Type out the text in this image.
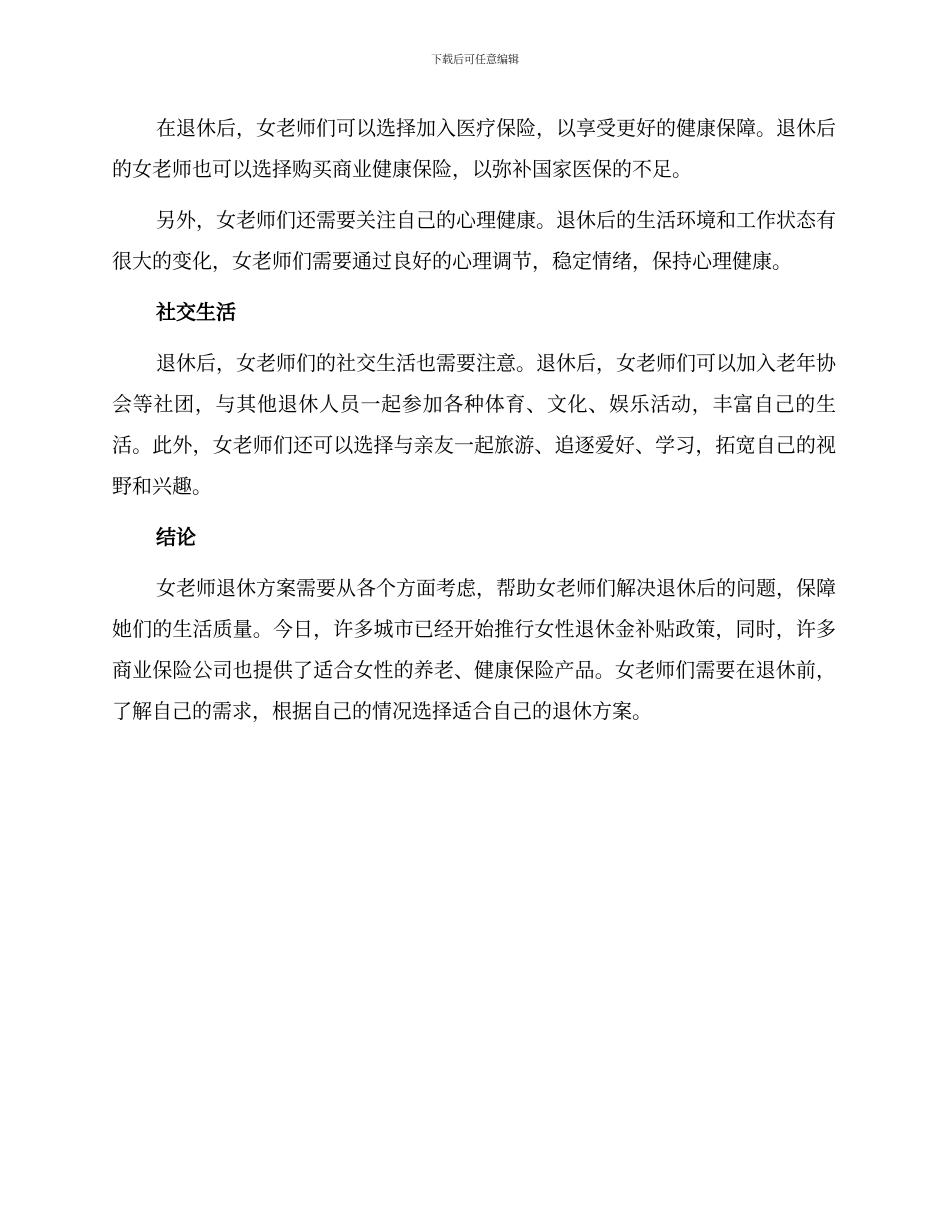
下载后可任意编辑

在退休后，女老师们可以选择加入医疗保险，以享受更好的健康保障。退休后的女老师也可以选择购买商业健康保险，以弥补国家医保的不足。

另外，女老师们还需要关注自己的心理健康。退休后的生活环境和工作状态有很大的变化，女老师们需要通过良好的心理调节，稳定情绪，保持心理健康。

社交生活

退休后，女老师们的社交生活也需要注意。退休后，女老师们可以加入老年协会等社团，与其他退休人员一起参加各种体育、文化、娱乐活动，丰富自己的生活。此外，女老师们还可以选择与亲友一起旅游、追逐爱好、学习，拓宽自己的视野和兴趣。

结论

女老师退休方案需要从各个方面考虑，帮助女老师们解决退休后的问题，保障她们的生活质量。今日，许多城市已经开始推行女性退休金补贴政策，同时，许多商业保险公司也提供了适合女性的养老、健康保险产品。女老师们需要在退休前，了解自己的需求，根据自己的情况选择适合自己的退休方案。
